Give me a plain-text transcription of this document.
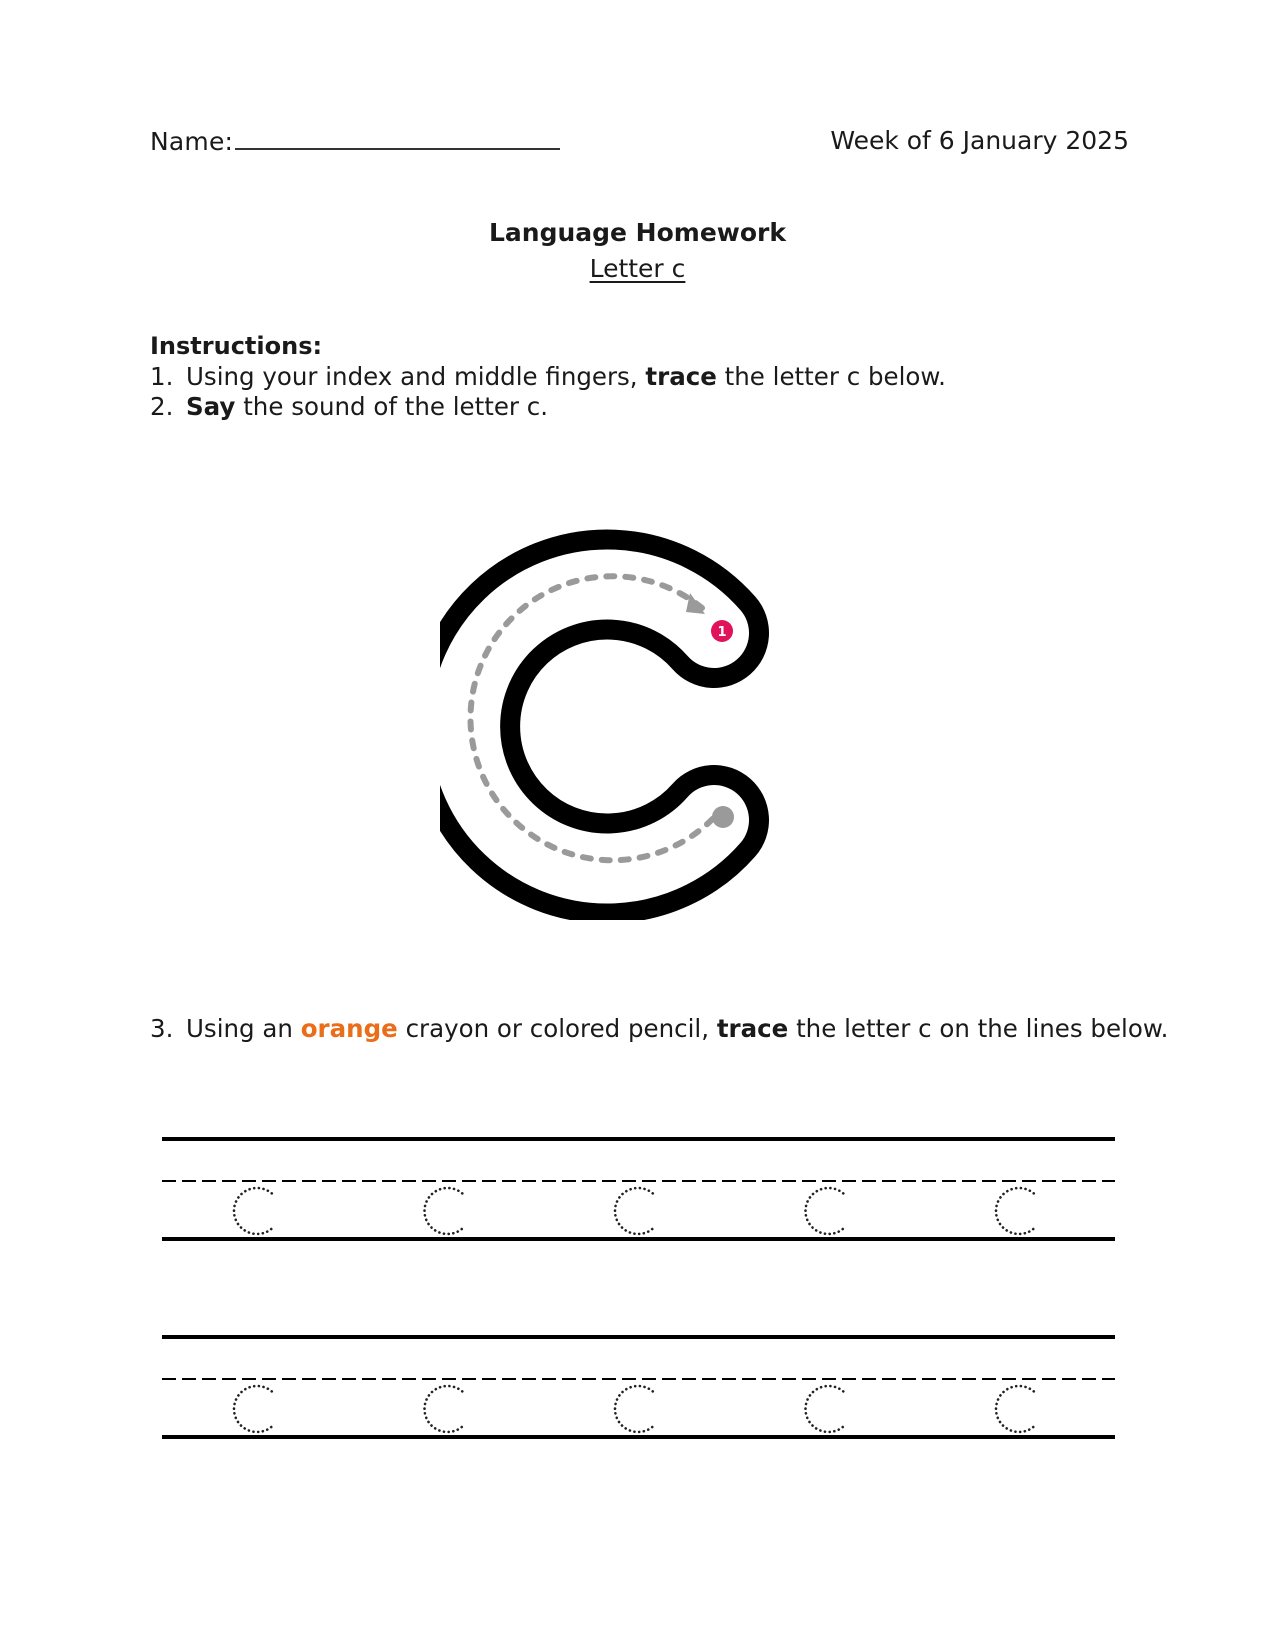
Name:	Week of 6 January 2025
Language Homework
Letter c
Instructions:
1. Using your index and middle fingers, trace the letter c below.
2. Say the sound of the letter c.
1
3. Using an orange crayon or colored pencil, trace the letter c on the lines below.
